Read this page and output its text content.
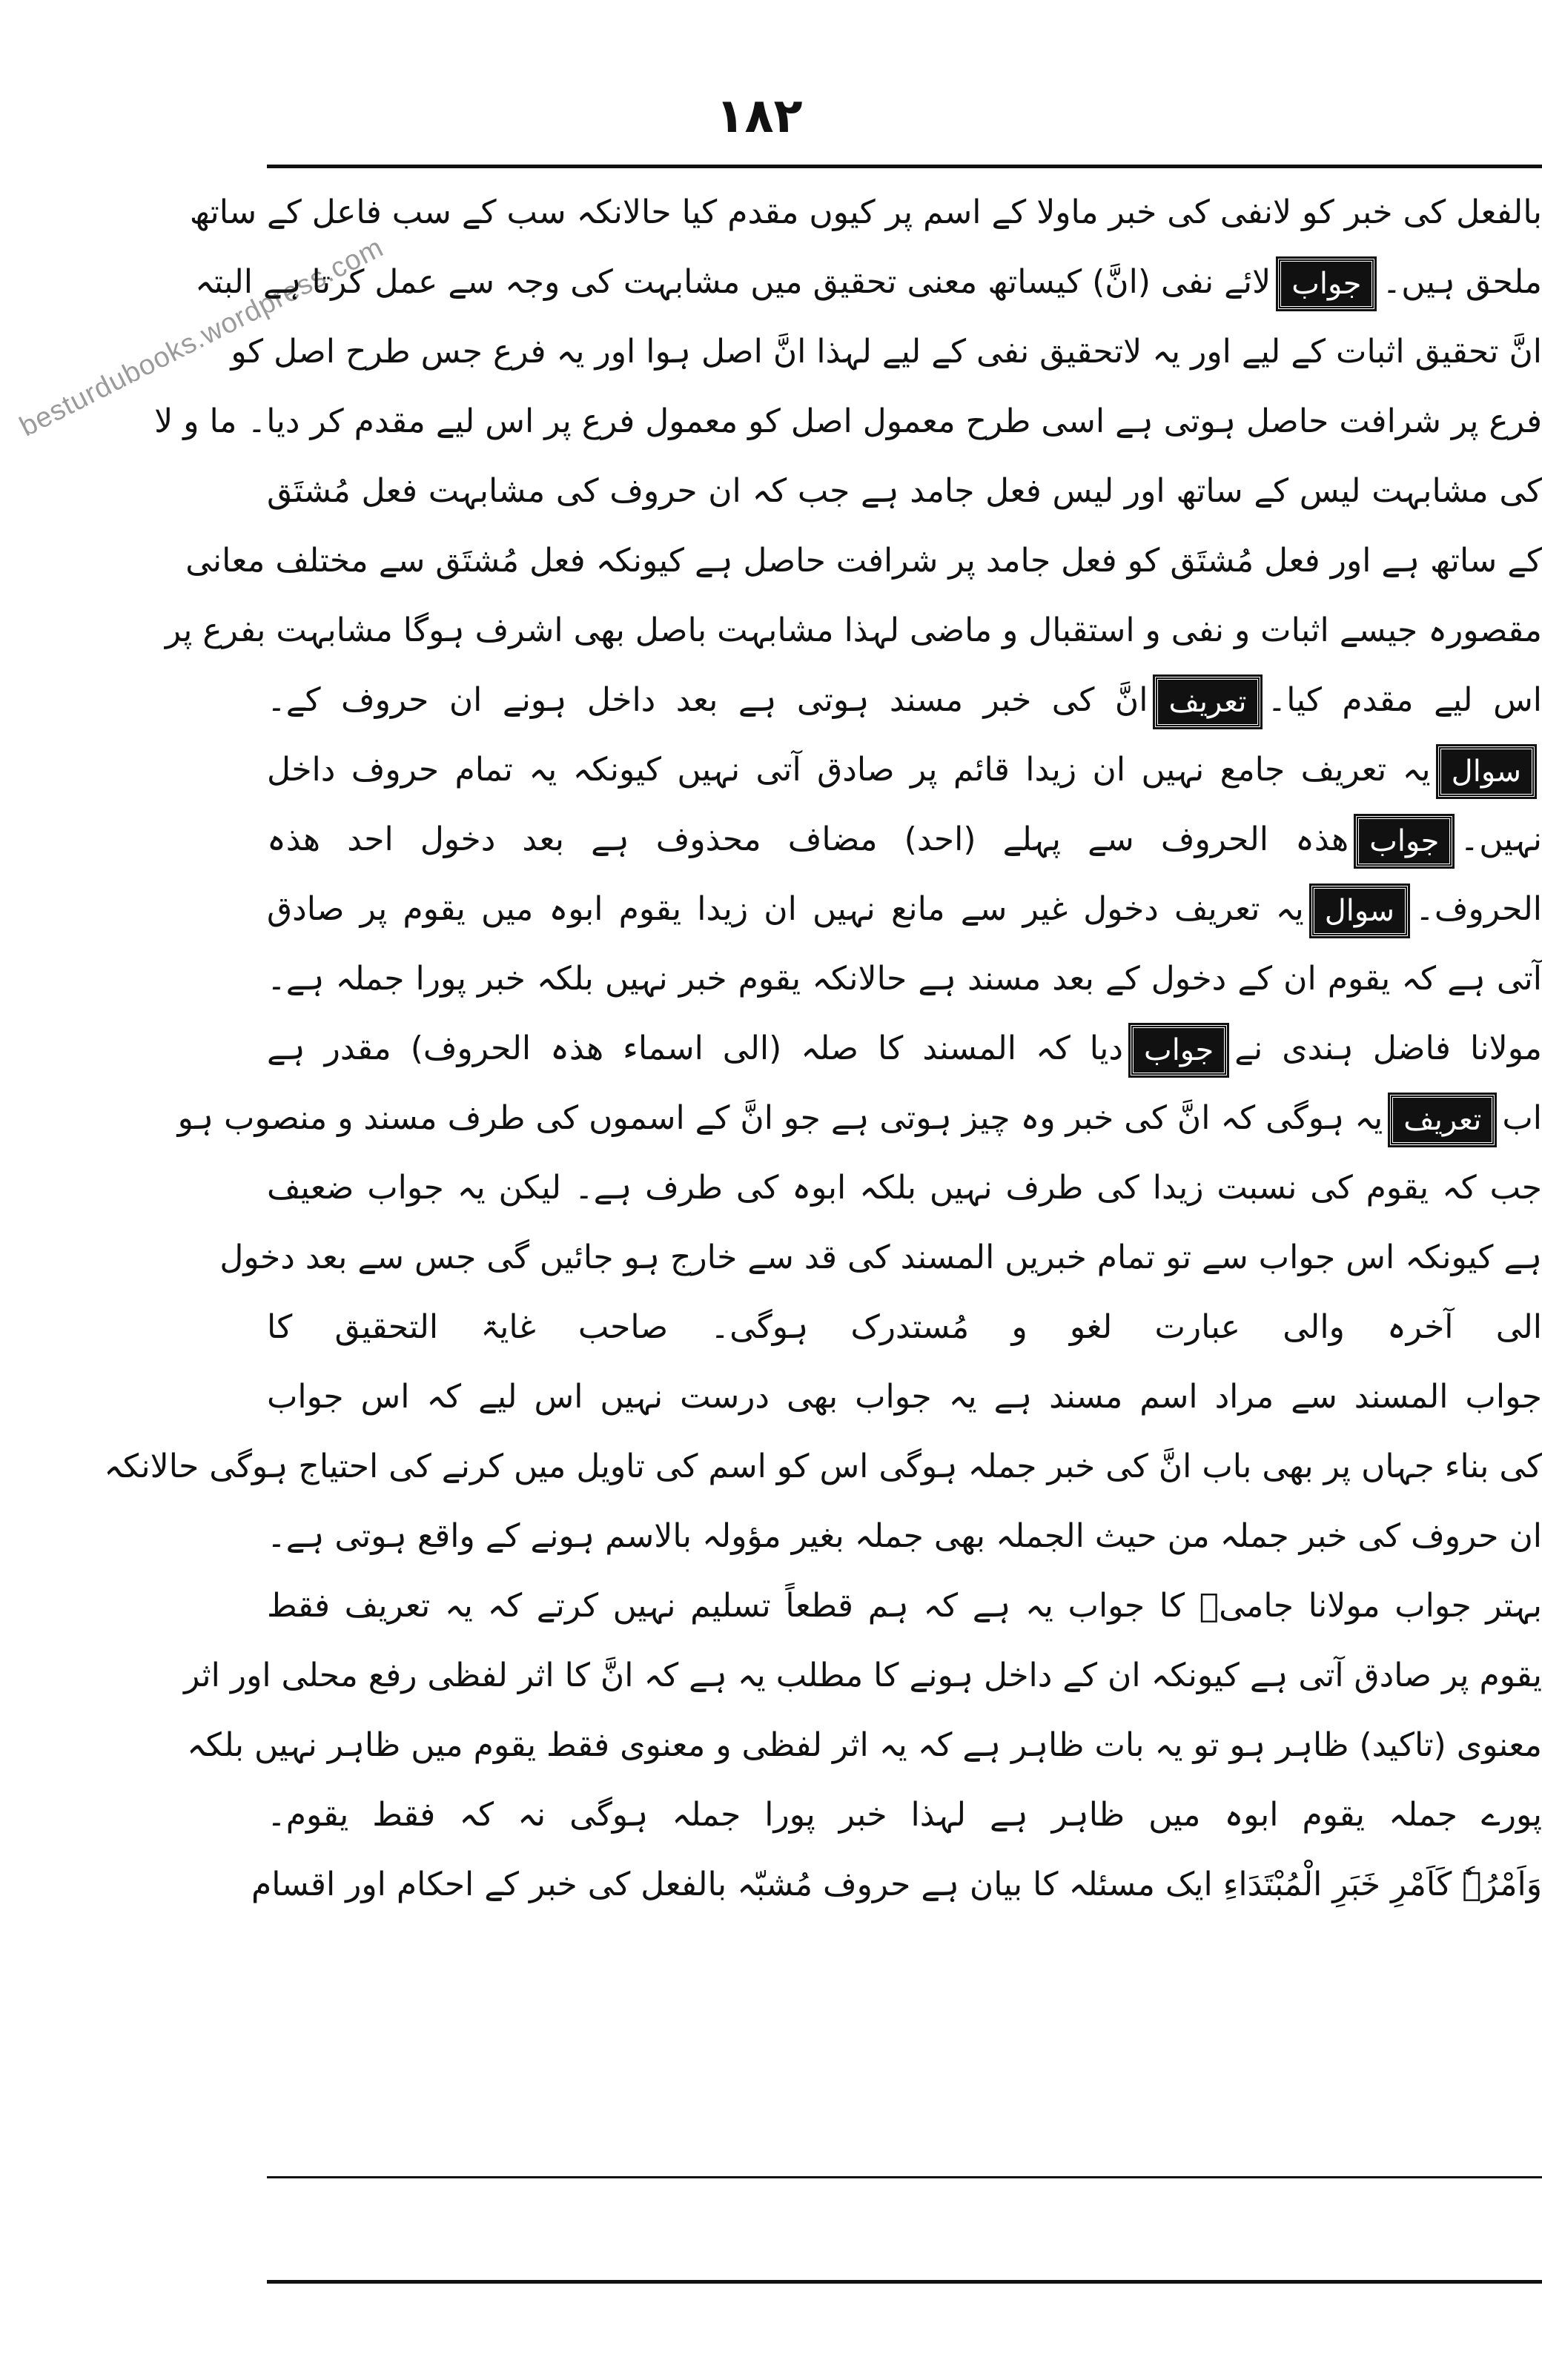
besturdubooks.wordpress.com
۱۸۲
بالفعل کی خبر کو لانفی کی خبر ماولا کے اسم پر کیوں مقدم کیا حالانکہ سب کے سب فاعل کے ساتھ
ملحق ہیں۔جوابلائے نفی (انَّ) کیساتھ معنی تحقیق میں مشابہت کی وجہ سے عمل کرتا ہے البتہ
انَّ تحقیق اثبات کے لیے اور یہ لاتحقیق نفی کے لیے لہذا انَّ اصل ہوا اور یہ فرع جس طرح اصل کو
فرع پر شرافت حاصل ہوتی ہے اسی طرح معمول اصل کو معمول فرع پر اس لیے مقدم کر دیا۔ ما و لا
کی مشابہت لیس کے ساتھ اور لیس فعل جامد ہے جب کہ ان حروف کی مشابہت فعل مُشتَق
کے ساتھ ہے اور فعل مُشتَق کو فعل جامد پر شرافت حاصل ہے کیونکہ فعل مُشتَق سے مختلف معانی
مقصورہ جیسے اثبات و نفی و استقبال و ماضی لہذا مشابہت باصل بھی اشرف ہوگا مشابہت بفرع پر
اس لیے مقدم کیا۔تعریفانَّ کی خبر مسند ہوتی ہے بعد داخل ہونے ان حروف کے۔
سوالیہ تعریف جامع نہیں ان زیدا قائم پر صادق آتی نہیں کیونکہ یہ تمام حروف داخل
نہیں۔جوابھذہ الحروف سے پہلے (احد) مضاف محذوف ہے بعد دخول احد ھذہ
الحروف۔سوالیہ تعریف دخول غیر سے مانع نہیں ان زیدا یقوم ابوہ میں یقوم پر صادق
آتی ہے کہ یقوم ان کے دخول کے بعد مسند ہے حالانکہ یقوم خبر نہیں بلکہ خبر پورا جملہ ہے۔
مولانا فاضل ہندی نےجوابدیا کہ المسند کا صلہ (الی اسماء ھذہ الحروف) مقدر ہے
ابتعریفیہ ہوگی کہ انَّ کی خبر وہ چیز ہوتی ہے جو انَّ کے اسموں کی طرف مسند و منصوب ہو
جب کہ یقوم کی نسبت زیدا کی طرف نہیں بلکہ ابوہ کی طرف ہے۔ لیکن یہ جواب ضعیف
ہے کیونکہ اس جواب سے تو تمام خبریں المسند کی قد سے خارج ہو جائیں گی جس سے بعد دخول
الی آخرہ والی عبارت لغو و مُستدرک ہوگی۔ صاحب غایۃ التحقیق کا
جواب المسند سے مراد اسم مسند ہے یہ جواب بھی درست نہیں اس لیے کہ اس جواب
کی بناء جہاں پر بھی باب انَّ کی خبر جملہ ہوگی اس کو اسم کی تاویل میں کرنے کی احتیاج ہوگی حالانکہ
ان حروف کی خبر جملہ من حیث الجملہ بھی جملہ بغیر مؤولہ بالاسم ہونے کے واقع ہوتی ہے۔
بہتر جواب مولانا جامیؒ کا جواب یہ ہے کہ ہم قطعاً تسلیم نہیں کرتے کہ یہ تعریف فقط
یقوم پر صادق آتی ہے کیونکہ ان کے داخل ہونے کا مطلب یہ ہے کہ انَّ کا اثر لفظی رفع محلی اور اثر
معنوی (تاکید) ظاہر ہو تو یہ بات ظاہر ہے کہ یہ اثر لفظی و معنوی فقط یقوم میں ظاہر نہیں بلکہ
پورے جملہ یقوم ابوہ میں ظاہر ہے لہذا خبر پورا جملہ ہوگی نہ کہ فقط یقوم۔
وَاَمْرُہٗ کَاَمْرِ خَبَرِ الْمُبْتَدَاءِ ایک مسئلہ کا بیان ہے حروف مُشبّہ بالفعل کی خبر کے احکام اور اقسام
